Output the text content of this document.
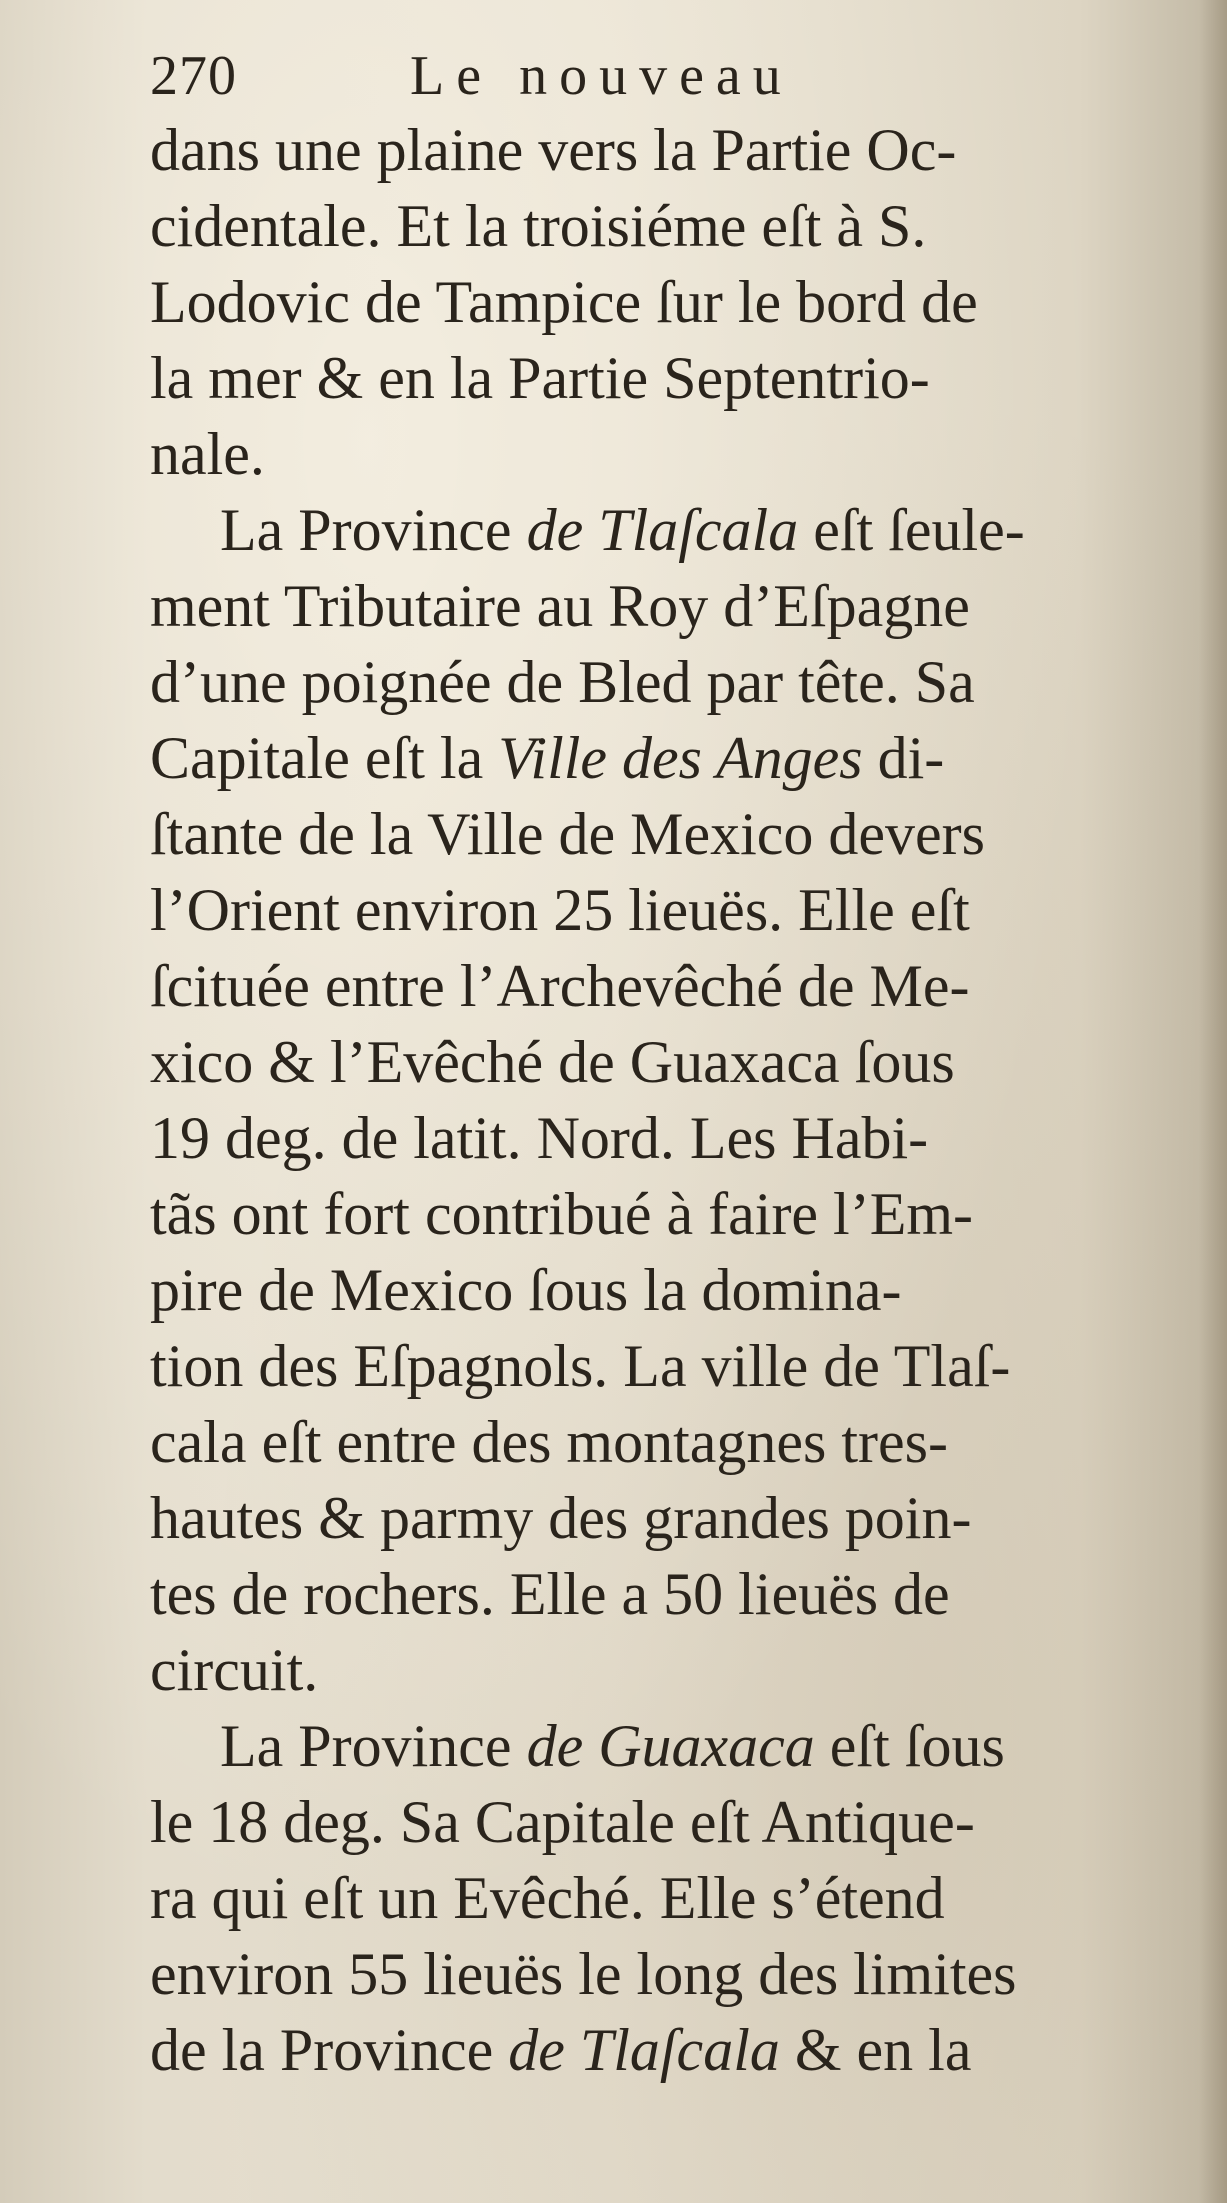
270	Le nouveau
dans une plaine vers la Partie Oc-
cidentale. Et la troisiéme eſt à S.
Lodovic de Tampice ſur le bord de
la mer & en la Partie Septentrio-
nale.
La Province de Tlaſcala eſt ſeule-
ment Tributaire au Roy d’Eſpagne
d’une poignée de Bled par tête. Sa
Capitale eſt la Ville des Anges di-
ſtante de la Ville de Mexico devers
l’Orient environ 25 lieuës. Elle eſt
ſcituée entre l’Archevêché de Me-
xico & l’Evêché de Guaxaca ſous
19 deg. de latit. Nord. Les Habi-
tãs ont fort contribué à faire l’Em-
pire de Mexico ſous la domina-
tion des Eſpagnols. La ville de Tlaſ-
cala eſt entre des montagnes tres-
hautes & parmy des grandes poin-
tes de rochers. Elle a 50 lieuës de
circuit.
La Province de Guaxaca eſt ſous
le 18 deg. Sa Capitale eſt Antique-
ra qui eſt un Evêché. Elle s’étend
environ 55 lieuës le long des limites
de la Province de Tlaſcala & en la
